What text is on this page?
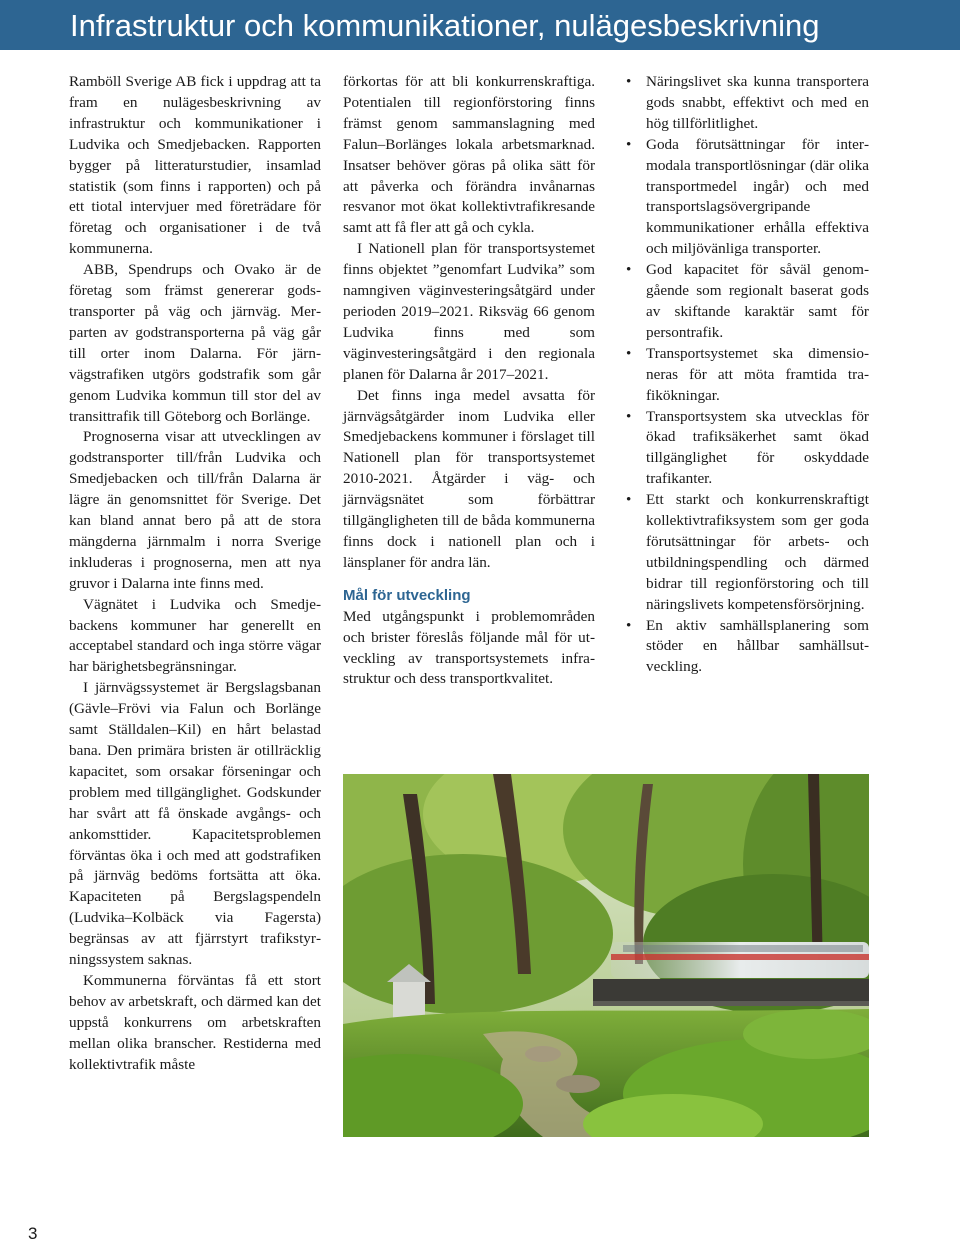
Infrastruktur och kommunikationer, nulägesbeskrivning

Ramböll Sverige AB fick i uppdrag att ta fram en nulägesbeskrivning av infrastruktur och kommunikationer i Ludvika och Smedjebacken. Rapporten bygger på litteraturstudier, insamlad statistik (som finns i rapporten) och på ett tiotal intervjuer med företrädare för företag och organisationer i de två kommunerna.

ABB, Spendrups och Ovako är de företag som främst genererar godstransporter på väg och järnväg. Merparten av godstransporterna på väg går till orter inom Dalarna. För järnvägstrafiken utgörs godstrafik som går genom Ludvika kommun till stor del av transittrafik till Göteborg och Borlänge.

Prognoserna visar att utvecklingen av godstransporter till/från Ludvika och Smedjebacken och till/från Dalarna är lägre än genomsnittet för Sverige. Det kan bland annat bero på att de stora mängderna järnmalm i norra Sverige inkluderas i prognoserna, men att nya gruvor i Dalarna inte finns med.

Vägnätet i Ludvika och Smedjebackens kommuner har generellt en acceptabel standard och inga större vägar har bärighetsbegränsningar.

I järnvägssystemet är Bergslagsbanan (Gävle–Frövi via Falun och Borlänge samt Ställdalen–Kil) en hårt belastad bana. Den primära bristen är otillräcklig kapacitet, som orsakar förseningar och problem med tillgänglighet. Godskunder har svårt att få önskade avgångs- och ankomsttider. Kapacitetsproblemen förväntas öka i och med att godstrafiken på järnväg bedöms fortsätta att öka. Kapaciteten på Bergslagspendeln (Ludvika–Kolbäck via Fagersta) begränsas av att fjärrstyrt trafikstyrningssystem saknas.

Kommunerna förväntas få ett stort behov av arbetskraft, och därmed kan det uppstå konkurrens om arbetskraften mellan olika branscher. Restiderna med kollektivtrafik måste

förkortas för att bli konkurrenskraftiga. Potentialen till regionförstoring finns främst genom sammanslagning med Falun–Borlänges lokala arbetsmarknad. Insatser behöver göras på olika sätt för att påverka och förändra invånarnas resvanor mot ökat kollektivtrafikresande samt att få fler att gå och cykla.

I Nationell plan för transportsystemet finns objektet ”genomfart Ludvika” som namngiven väginvesteringsåtgärd under perioden 2019–2021. Riksväg 66 genom Ludvika finns med som väginvesteringsåtgärd i den regionala planen för Dalarna år 2017–2021.

Det finns inga medel avsatta för järnvägsåtgärder inom Ludvika eller Smedjebackens kommuner i förslaget till Nationell plan för transportsystemet 2010-2021. Åtgärder i väg- och järnvägsnätet som förbättrar tillgängligheten till de båda kommunerna finns dock i nationell plan och i länsplaner för andra län.

Mål för utveckling

Med utgångspunkt i problemområden och brister föreslås följande mål för utveckling av transportsystemets infrastruktur och dess transportkvalitet.

• Näringslivet ska kunna transportera gods snabbt, effektivt och med en hög tillförlitlighet.
• Goda förutsättningar för intermodala transportlösningar (där olika transportmedel ingår) och med transportslagsövergripande kommunikationer erhålla effektiva och miljövänliga transporter.
• God kapacitet för såväl genomgående som regionalt baserat gods av skiftande karaktär samt för persontrafik.
• Transportsystemet ska dimensioneras för att möta framtida trafikökningar.
• Transportsystem ska utvecklas för ökad trafiksäkerhet samt ökad tillgänglighet för oskyddade trafikanter.
• Ett starkt och konkurrenskraftigt kollektivtrafiksystem som ger goda förutsättningar för arbets- och utbildningspendling och därmed bidrar till regionförstoring och till näringslivets kompetensförsörjning.
• En aktiv samhällsplanering som stöder en hållbar samhällsutveckling.
3
